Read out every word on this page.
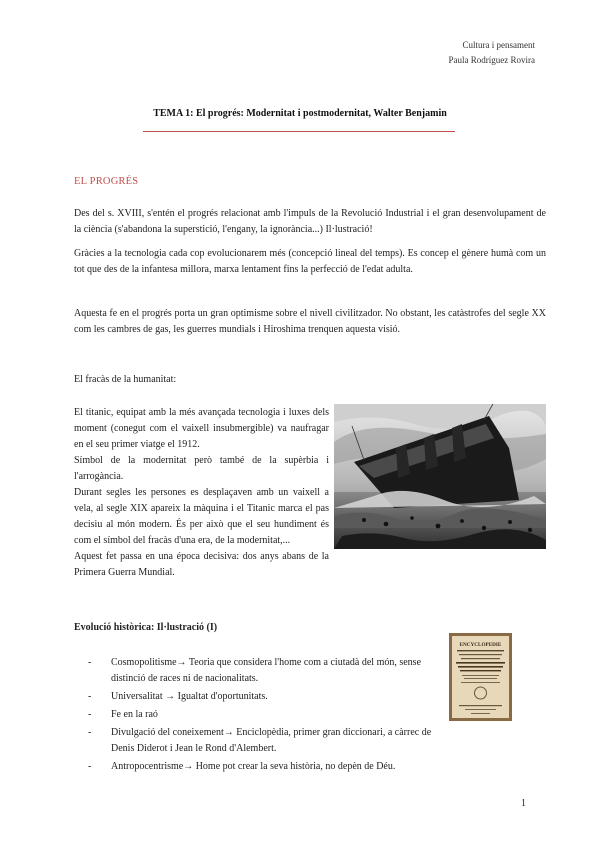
Cultura i pensament
Paula Rodríguez Rovira
TEMA 1: El progrés: Modernitat i postmodernitat, Walter Benjamin
EL PROGRÉS
Des del s. XVIII, s'entén el progrés relacionat amb l'impuls de la Revolució Industrial i el gran desenvolupament de la ciència (s'abandona la superstició, l'engany, la ignorància...) Il·lustració!
Gràcies a la tecnologia cada cop evolucionarem més (concepció lineal del temps). Es concep el gènere humà com un tot que des de la infantesa millora, marxa lentament fins la perfecció de l'edat adulta.
Aquesta fe en el progrés porta un gran optimisme sobre el nivell civilitzador. No obstant, les catàstrofes del segle XX com les cambres de gas, les guerres mundials i Hiroshima trenquen aquesta visió.
El fracàs de la humanitat:

El titanic, equipat amb la més avançada tecnologia i luxes dels moment (conegut com el vaixell insubmergible) va naufragar en el seu primer viatge el 1912.

Símbol de la modernitat però també de la supèrbia i l'arrogància.

Durant segles les persones es desplaçaven amb un vaixell a vela, al segle XIX apareix la màquina i el Titanic marca el pas decisiu al món modern. És per això que el seu hundiment és com el símbol del fracàs d'una era, de la modernitat,...

Aquest fet passa en una época decisiva: dos anys abans de la Primera Guerra Mundial.

Evolució històrica: Il·lustració (I)
- Cosmopolitisme→ Teoria que considera l'home com a ciutadà del món, sense distinció de races ni de nacionalitats.
- Universalitat → Igualtat d'oportunitats.
- Fe en la raó
- Divulgació del coneixement→ Enciclopèdia, primer gran diccionari, a càrrec de Denis Diderot i Jean le Rond d'Alembert.
- Antropocentrisme→ Home pot crear la seva història, no depèn de Déu.
ENCYCLOPEDIE
1
